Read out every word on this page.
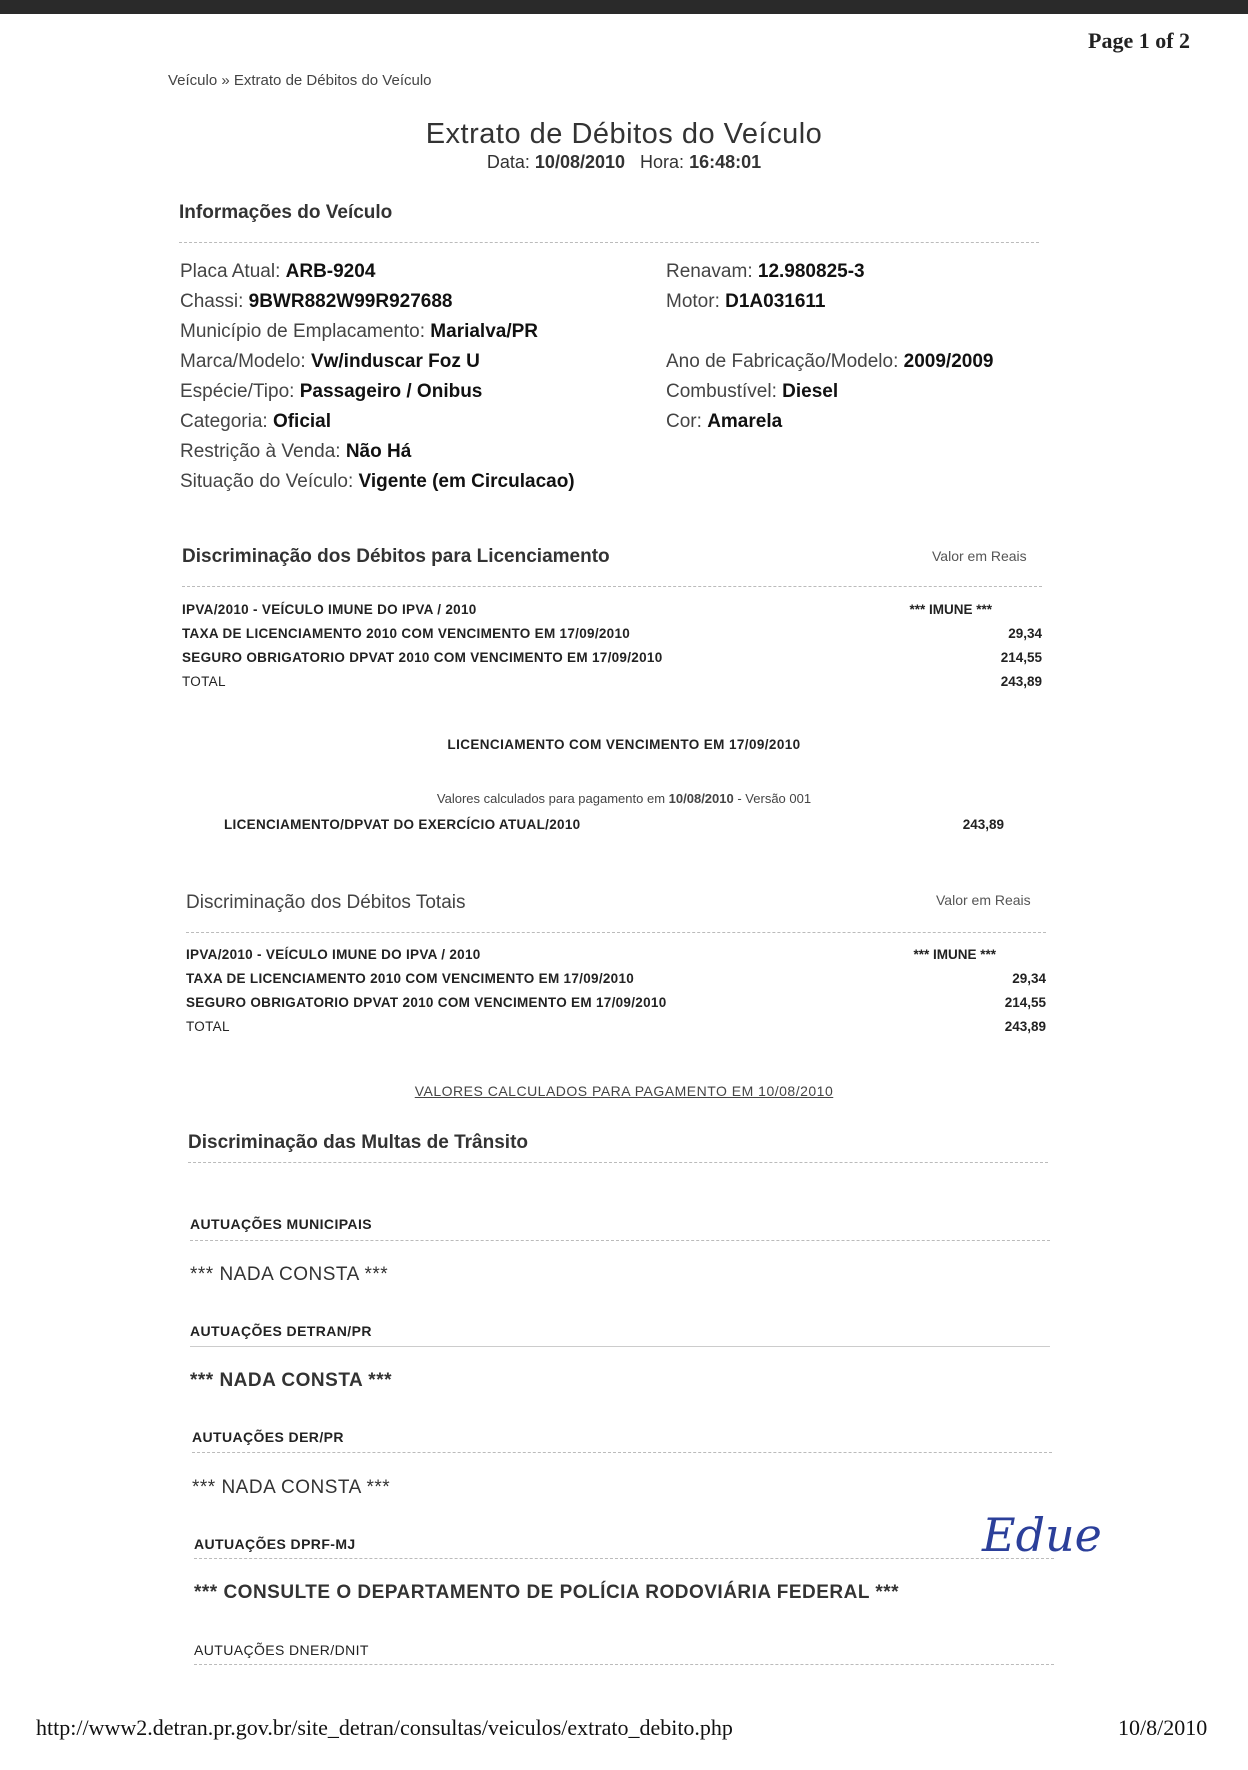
Page 1 of 2
Veículo » Extrato de Débitos do Veículo
Extrato de Débitos do Veículo
Data: 10/08/2010 Hora: 16:48:01
Informações do Veículo
Placa Atual: ARB-9204
Chassi: 9BWR882W99R927688
Município de Emplacamento: Marialva/PR
Marca/Modelo: Vw/induscar Foz U
Espécie/Tipo: Passageiro / Onibus
Categoria: Oficial
Restrição à Venda: Não Há
Situação do Veículo: Vigente (em Circulacao)
Renavam: 12.980825-3
Motor: D1A031611
Ano de Fabricação/Modelo: 2009/2009
Combustível: Diesel
Cor: Amarela
Discriminação dos Débitos para Licenciamento	Valor em Reais
IPVA/2010 - VEÍCULO IMUNE DO IPVA / 2010	*** IMUNE ***
TAXA DE LICENCIAMENTO 2010 COM VENCIMENTO EM 17/09/2010	29,34
SEGURO OBRIGATORIO DPVAT 2010 COM VENCIMENTO EM 17/09/2010	214,55
TOTAL	243,89
LICENCIAMENTO COM VENCIMENTO EM 17/09/2010
Valores calculados para pagamento em 10/08/2010 - Versão 001
LICENCIAMENTO/DPVAT DO EXERCÍCIO ATUAL/2010	243,89
Discriminação dos Débitos Totais	Valor em Reais
IPVA/2010 - VEÍCULO IMUNE DO IPVA / 2010	*** IMUNE ***
TAXA DE LICENCIAMENTO 2010 COM VENCIMENTO EM 17/09/2010	29,34
SEGURO OBRIGATORIO DPVAT 2010 COM VENCIMENTO EM 17/09/2010	214,55
TOTAL	243,89
VALORES CALCULADOS PARA PAGAMENTO EM 10/08/2010
Discriminação das Multas de Trânsito
AUTUAÇÕES MUNICIPAIS
*** NADA CONSTA ***
AUTUAÇÕES DETRAN/PR
*** NADA CONSTA ***
AUTUAÇÕES DER/PR
*** NADA CONSTA ***
AUTUAÇÕES DPRF-MJ
*** CONSULTE O DEPARTAMENTO DE POLÍCIA RODOVIÁRIA FEDERAL ***
AUTUAÇÕES DNER/DNIT
Edue
http://www2.detran.pr.gov.br/site_detran/consultas/veiculos/extrato_debito.php	10/8/2010
